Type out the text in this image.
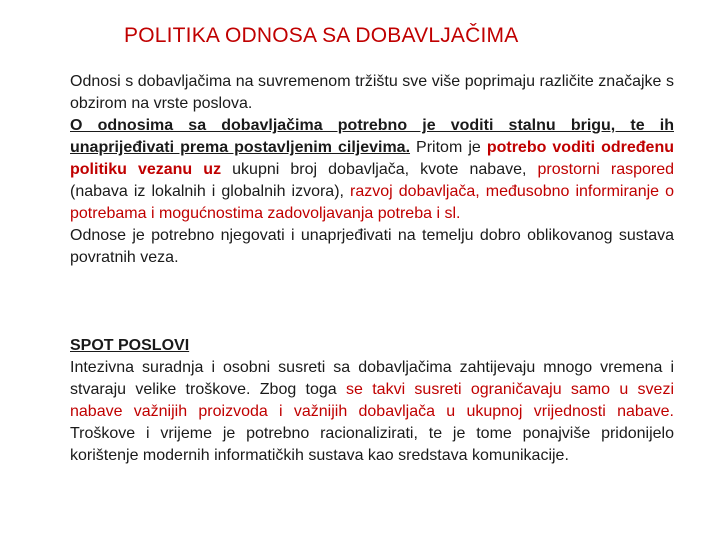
POLITIKA ODNOSA SA DOBAVLJAČIMA

Odnosi s dobavljačima na suvremenom tržištu sve više poprimaju različite značajke s obzirom na vrste poslova.

O odnosima sa dobavljačima potrebno je voditi stalnu brigu, te ih unaprijeđivati prema postavljenim ciljevima. Pritom je potrebo voditi određenu politiku vezanu uz ukupni broj dobavljača, kvote nabave, prostorni raspored (nabava iz lokalnih i globalnih izvora), razvoj dobavljača, međusobno informiranje o potrebama i mogućnostima zadovoljavanja potreba i sl.

Odnose je potrebno njegovati i unaprjeđivati na temelju dobro oblikovanog sustava povratnih veza.

SPOT POSLOVI

Intezivna suradnja i osobni susreti sa dobavljačima zahtijevaju mnogo vremena i stvaraju velike troškove. Zbog toga se takvi susreti ograničavaju samo u svezi nabave važnijih proizvoda i važnijih dobavljača u ukupnoj vrijednosti nabave. Troškove i vrijeme je potrebno racionalizirati, te je tome ponajviše pridonijelo korištenje modernih informatičkih sustava kao sredstava komunikacije.
